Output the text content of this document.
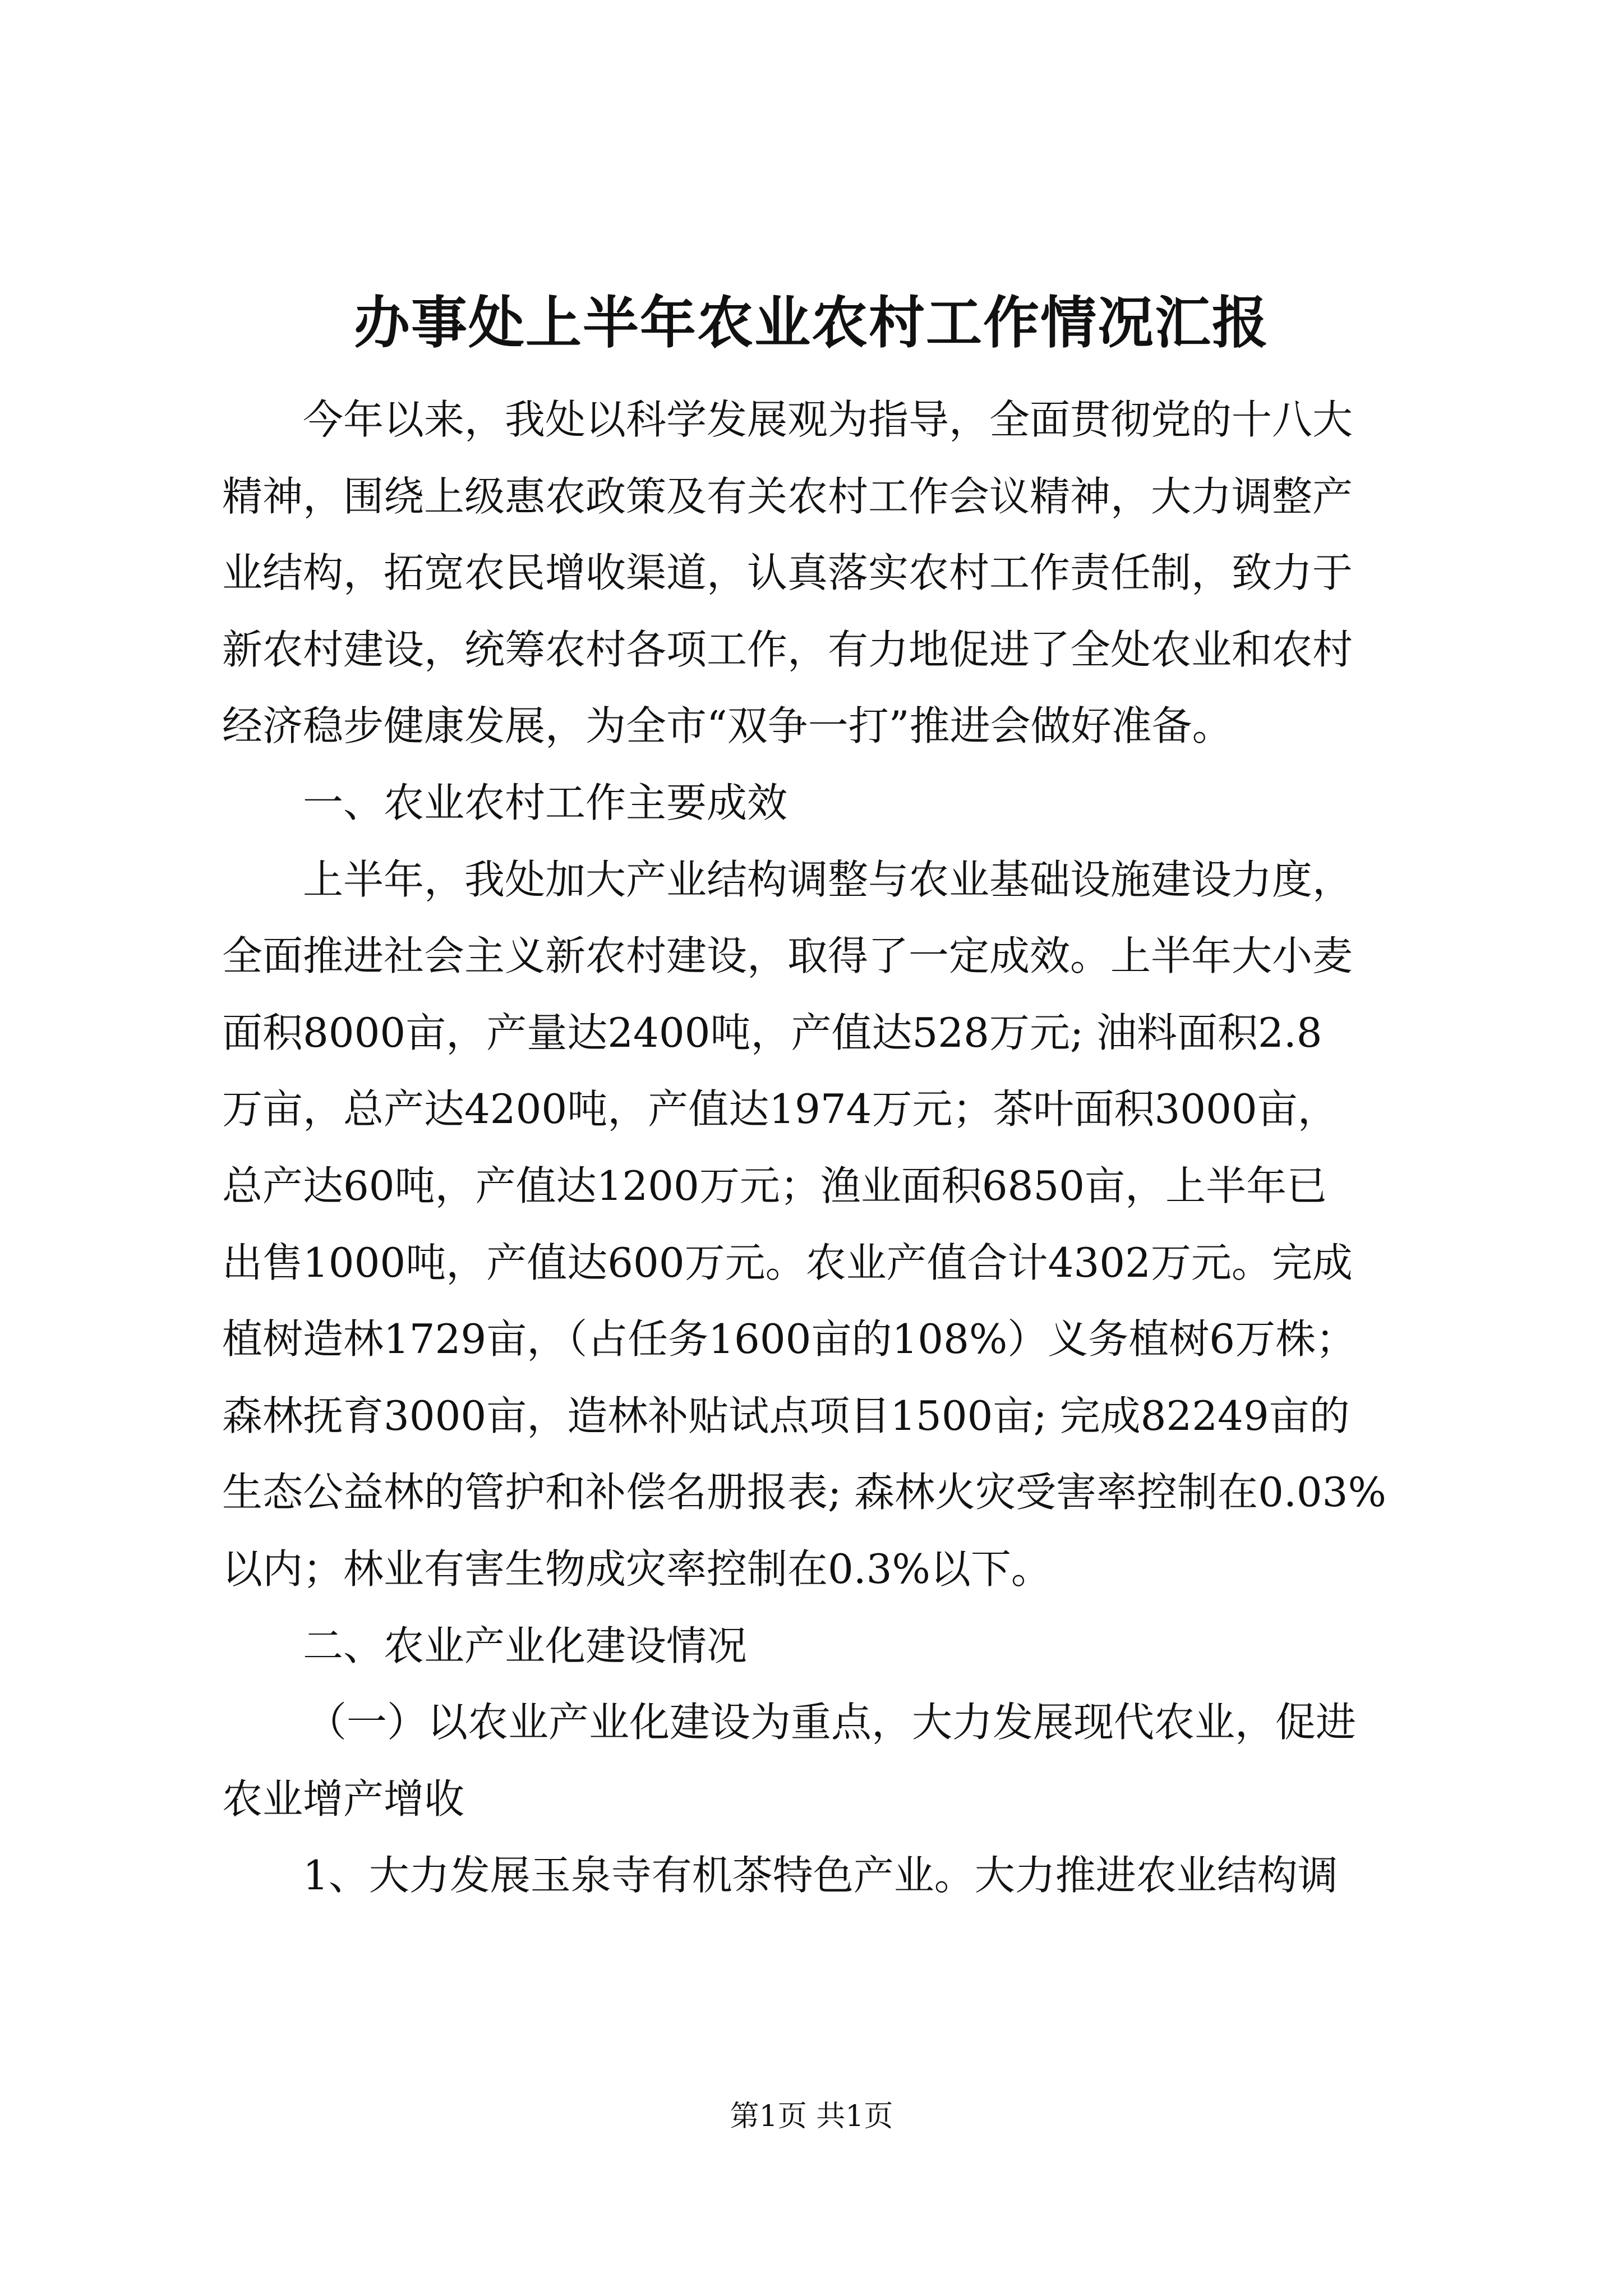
办事处上半年农业农村工作情况汇报
今年以来，我处以科学发展观为指导，全面贯彻党的十八大
精神，围绕上级惠农政策及有关农村工作会议精神，大力调整产
业结构，拓宽农民增收渠道，认真落实农村工作责任制，致力于
新农村建设，统筹农村各项工作，有力地促进了全处农业和农村
经济稳步健康发展，为全市“双争一打”推进会做好准备。
一、农业农村工作主要成效
上半年，我处加大产业结构调整与农业基础设施建设力度，
全面推进社会主义新农村建设，取得了一定成效。上半年大小麦
面积8000亩，产量达2400吨，产值达528万元; 油料面积2.8
万亩，总产达4200吨，产值达1974万元；茶叶面积3000亩，
总产达60吨，产值达1200万元；渔业面积6850亩，上半年已
出售1000吨，产值达600万元。农业产值合计4302万元。完成
植树造林1729亩，（占任务1600亩的108%）义务植树6万株；
森林抚育3000亩，造林补贴试点项目1500亩; 完成82249亩的
生态公益林的管护和补偿名册报表; 森林火灾受害率控制在0.03%
以内；林业有害生物成灾率控制在0.3%以下。
二、农业产业化建设情况
（一）以农业产业化建设为重点，大力发展现代农业，促进
农业增产增收
1、大力发展玉泉寺有机茶特色产业。大力推进农业结构调
第1页 共1页
